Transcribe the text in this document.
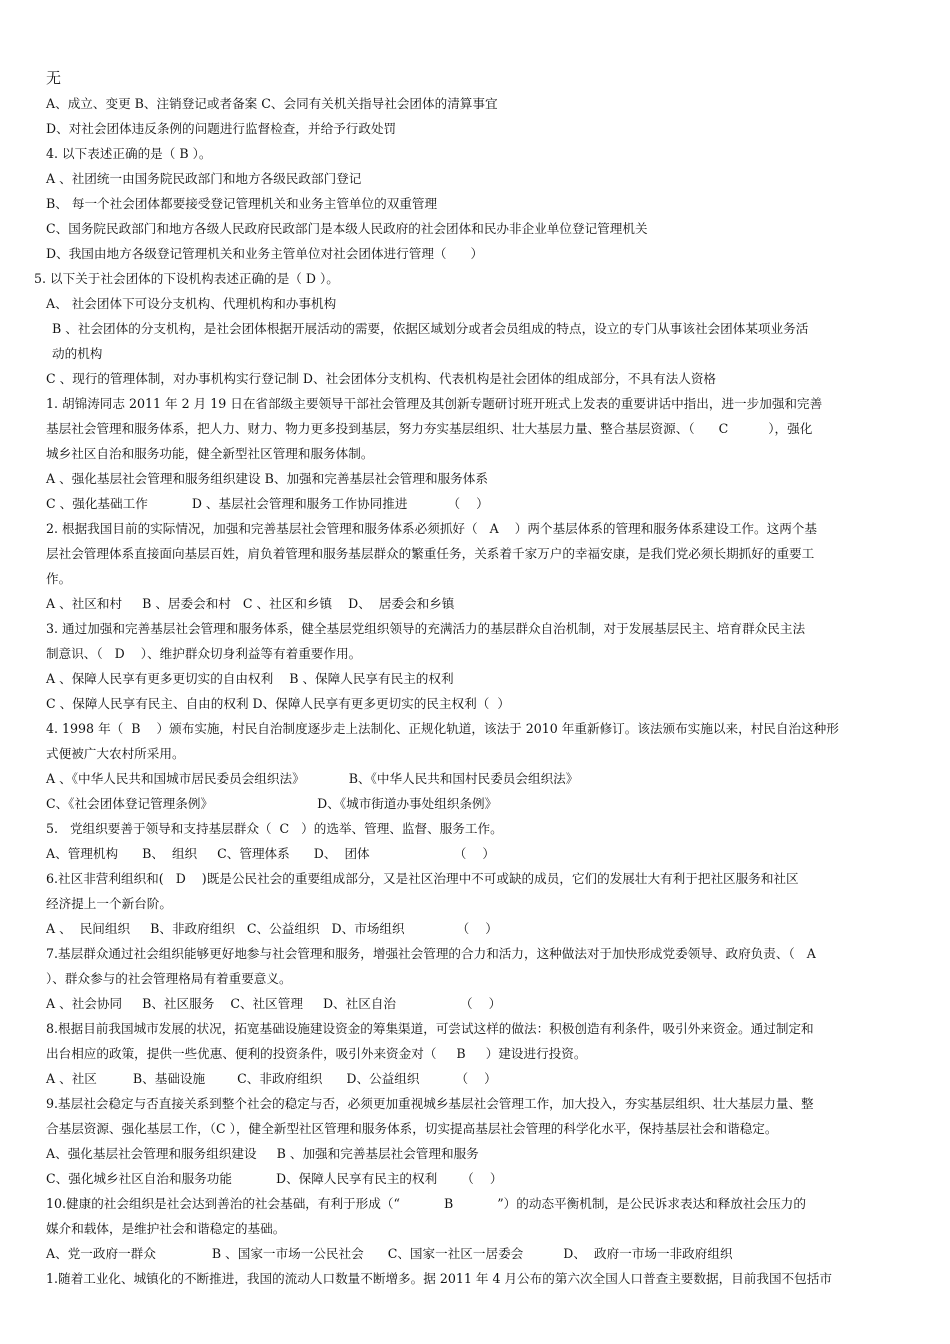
无
A、成立、变更 B、注销登记或者备案 C、会同有关机关指导社会团体的清算事宜
D、对社会团体违反条例的问题进行监督检查，并给予行政处罚
4. 以下表述正确的是（ B ）。
A 、社团统一由国务院民政部门和地方各级民政部门登记
B、 每一个社会团体都要接受登记管理机关和业务主管单位的双重管理
C、国务院民政部门和地方各级人民政府民政部门是本级人民政府的社会团体和民办非企业单位登记管理机关
D、我国由地方各级登记管理机关和业务主管单位对社会团体进行管理（      ）
5. 以下关于社会团体的下设机构表述正确的是（ D ）。
A、 社会团体下可设分支机构、代理机构和办事机构
B 、社会团体的分支机构，是社会团体根据开展活动的需要，依据区域划分或者会员组成的特点，设立的专门从事该社会团体某项业务活
动的机构
C 、现行的管理体制，对办事机构实行登记制 D、社会团体分支机构、代表机构是社会团体的组成部分，不具有法人资格
1. 胡锦涛同志 2011 年 2 月 19 日在省部级主要领导干部社会管理及其创新专题研讨班开班式上发表的重要讲话中指出，进一步加强和完善
基层社会管理和服务体系，把人力、财力、物力更多投到基层，努力夯实基层组织、壮大基层力量、整合基层资源、（      C          ），强化
城乡社区自治和服务功能，健全新型社区管理和服务体制。
A 、强化基层社会管理和服务组织建设 B、加强和完善基层社会管理和服务体系
C 、强化基础工作           D 、基层社会管理和服务工作协同推进          （    ）
2. 根据我国目前的实际情况，加强和完善基层社会管理和服务体系必须抓好（   A    ）两个基层体系的管理和服务体系建设工作。这两个基
层社会管理体系直接面向基层百姓，肩负着管理和服务基层群众的繁重任务，关系着千家万户的幸福安康，是我们党必须长期抓好的重要工
作。
A 、社区和村     B 、居委会和村   C 、社区和乡镇    D、  居委会和乡镇
3. 通过加强和完善基层社会管理和服务体系，健全基层党组织领导的充满活力的基层群众自治机制，对于发展基层民主、培育群众民主法
制意识、（   D    ）、维护群众切身利益等有着重要作用。
A 、保障人民享有更多更切实的自由权利    B 、保障人民享有民主的权利
C 、保障人民享有民主、自由的权利 D、保障人民享有更多更切实的民主权利（  ）
4. 1998 年（  B    ）颁布实施，村民自治制度逐步走上法制化、正规化轨道，该法于 2010 年重新修订。该法颁布实施以来，村民自治这种形
式便被广大农村所采用。
A 、《中华人民共和国城市居民委员会组织法》           B、《中华人民共和国村民委员会组织法》
C、《社会团体登记管理条例》                          D、《城市街道办事处组织条例》
5.   党组织要善于领导和支持基层群众（  C   ）的选举、管理、监督、服务工作。
A、管理机构      B、  组织     C、管理体系      D、  团体                     （    ）
6.社区非营利组织和(   D    )既是公民社会的重要组成部分，又是社区治理中不可或缺的成员，它们的发展壮大有利于把社区服务和社区
经济提上一个新台阶。
A 、  民间组织     B、非政府组织   C、公益组织   D、市场组织             （    ）
7.基层群众通过社会组织能够更好地参与社会管理和服务，增强社会管理的合力和活力，这种做法对于加快形成党委领导、政府负责、（   A
）、群众参与的社会管理格局有着重要意义。
A 、社会协同     B、社区服务    C、社区管理     D、社区自治                （    ）
8.根据目前我国城市发展的状况，拓宽基础设施建设资金的筹集渠道，可尝试这样的做法：积极创造有利条件，吸引外来资金。通过制定和
出台相应的政策，提供一些优惠、便利的投资条件，吸引外来资金对（     B     ）建设进行投资。
A 、社区         B、基础设施        C、非政府组织      D、公益组织         （    ）
9.基层社会稳定与否直接关系到整个社会的稳定与否，必须更加重视城乡基层社会管理工作，加大投入，夯实基层组织、壮大基层力量、整
合基层资源、强化基层工作，（C ），健全新型社区管理和服务体系，切实提高基层社会管理的科学化水平，保持基层社会和谐稳定。
A、强化基层社会管理和服务组织建设     B 、加强和完善基层社会管理和服务
C、强化城乡社区自治和服务功能           D、保障人民享有民主的权利      （    ）
10.健康的社会组织是社会达到善治的社会基础，有利于形成（“           B           ”）的动态平衡机制，是公民诉求表达和释放社会压力的
媒介和载体，是维护社会和谐稳定的基础。
A、党一政府一群众              B 、国家一市场一公民社会      C、国家一社区一居委会          D、  政府一市场一非政府组织
1.随着工业化、城镇化的不断推进，我国的流动人口数量不断增多。据 2011 年 4 月公布的第六次全国人口普查主要数据，目前我国不包括市
